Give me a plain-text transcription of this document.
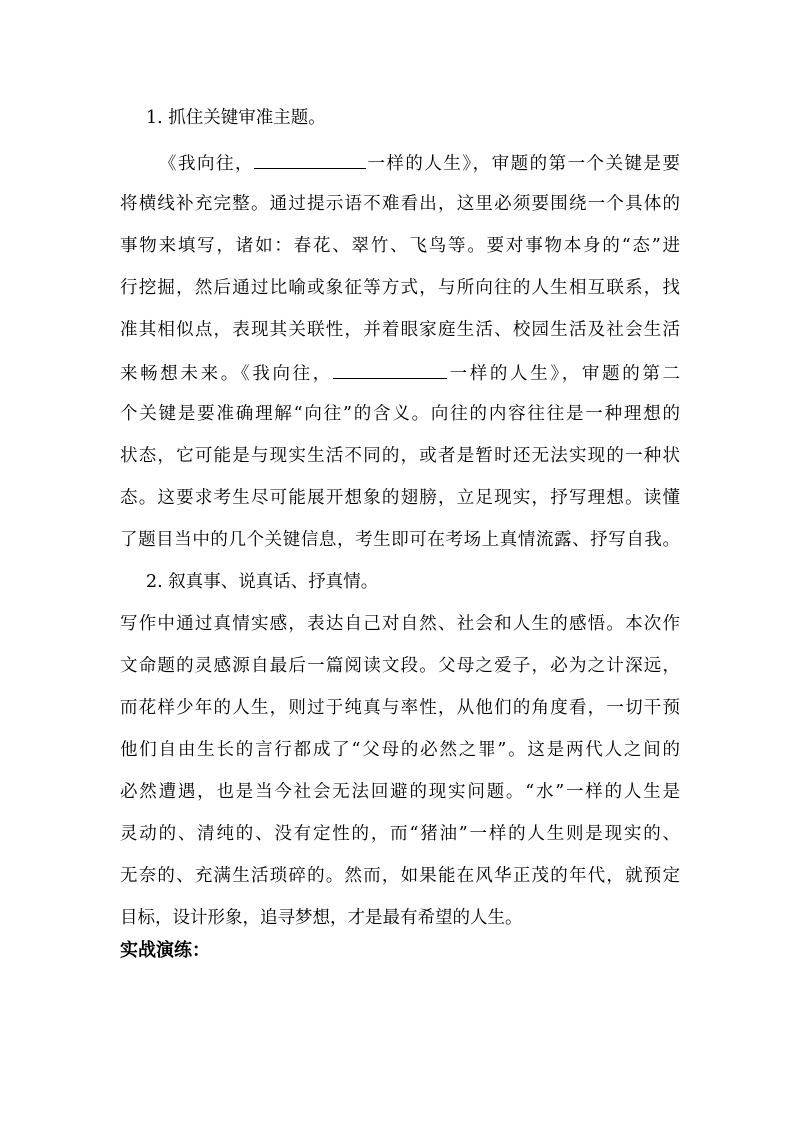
1. 抓住关键审准主题。
《我向往，	一样的人生》，审题的第一个关键是要
将横线补充完整。通过提示语不难看出，这里必须要围绕一个具体的
事物来填写，诸如：春花、翠竹、飞鸟等。要对事物本身的“态”进
行挖掘，然后通过比喻或象征等方式，与所向往的人生相互联系，找
准其相似点，表现其关联性，并着眼家庭生活、校园生活及社会生活
来畅想未来。《我向往，	一样的人生》，审题的第二
个关键是要准确理解“向往”的含义。向往的内容往往是一种理想的
状态，它可能是与现实生活不同的，或者是暂时还无法实现的一种状
态。这要求考生尽可能展开想象的翅膀，立足现实，抒写理想。读懂
了题目当中的几个关键信息，考生即可在考场上真情流露、抒写自我。
2. 叙真事、说真话、抒真情。
写作中通过真情实感，表达自己对自然、社会和人生的感悟。本次作
文命题的灵感源自最后一篇阅读文段。父母之爱子，必为之计深远，
而花样少年的人生，则过于纯真与率性，从他们的角度看，一切干预
他们自由生长的言行都成了“父母的必然之罪”。这是两代人之间的
必然遭遇，也是当今社会无法回避的现实问题。“水”一样的人生是
灵动的、清纯的、没有定性的，而“猪油”一样的人生则是现实的、
无奈的、充满生活琐碎的。然而，如果能在风华正茂的年代，就预定
目标，设计形象，追寻梦想，才是最有希望的人生。
实战演练：
